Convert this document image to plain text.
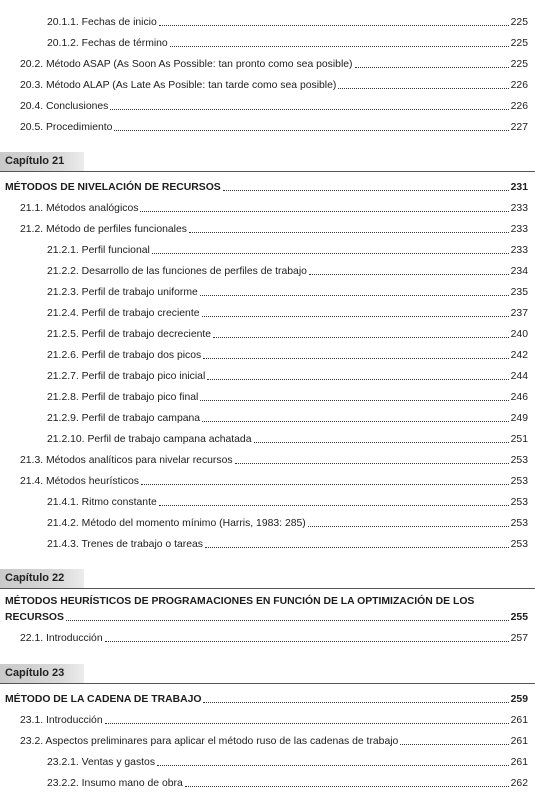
20.1.1. Fechas de inicio	225
20.1.2. Fechas de término	225
20.2. Método ASAP (As Soon As Possible: tan pronto como sea posible)	225
20.3. Método ALAP (As Late As Posible: tan tarde como sea posible)	226
20.4. Conclusiones	226
20.5. Procedimiento	227
Capítulo 21
MÉTODOS DE NIVELACIÓN DE RECURSOS	231
21.1. Métodos analógicos	233
21.2. Método de perfiles funcionales	233
21.2.1. Perfil funcional	233
21.2.2. Desarrollo de las funciones de perfiles de trabajo	234
21.2.3. Perfil de trabajo uniforme	235
21.2.4. Perfil de trabajo creciente	237
21.2.5. Perfil de trabajo decreciente	240
21.2.6. Perfil de trabajo dos picos	242
21.2.7. Perfil de trabajo pico inicial	244
21.2.8. Perfil de trabajo pico final	246
21.2.9. Perfil de trabajo campana	249
21.2.10. Perfil de trabajo campana achatada	251
21.3. Métodos analíticos para nivelar recursos	253
21.4. Métodos heurísticos	253
21.4.1. Ritmo constante	253
21.4.2. Método del momento mínimo (Harris, 1983: 285)	253
21.4.3. Trenes de trabajo o tareas	253
Capítulo 22
MÉTODOS HEURÍSTICOS DE PROGRAMACIONES EN FUNCIÓN DE LA OPTIMIZACIÓN DE LOS
RECURSOS	255
22.1. Introducción	257
Capítulo 23
MÉTODO DE LA CADENA DE TRABAJO	259
23.1. Introducción	261
23.2. Aspectos preliminares para aplicar el método ruso de las cadenas de trabajo	261
23.2.1. Ventas y gastos	261
23.2.2. Insumo mano de obra	262
